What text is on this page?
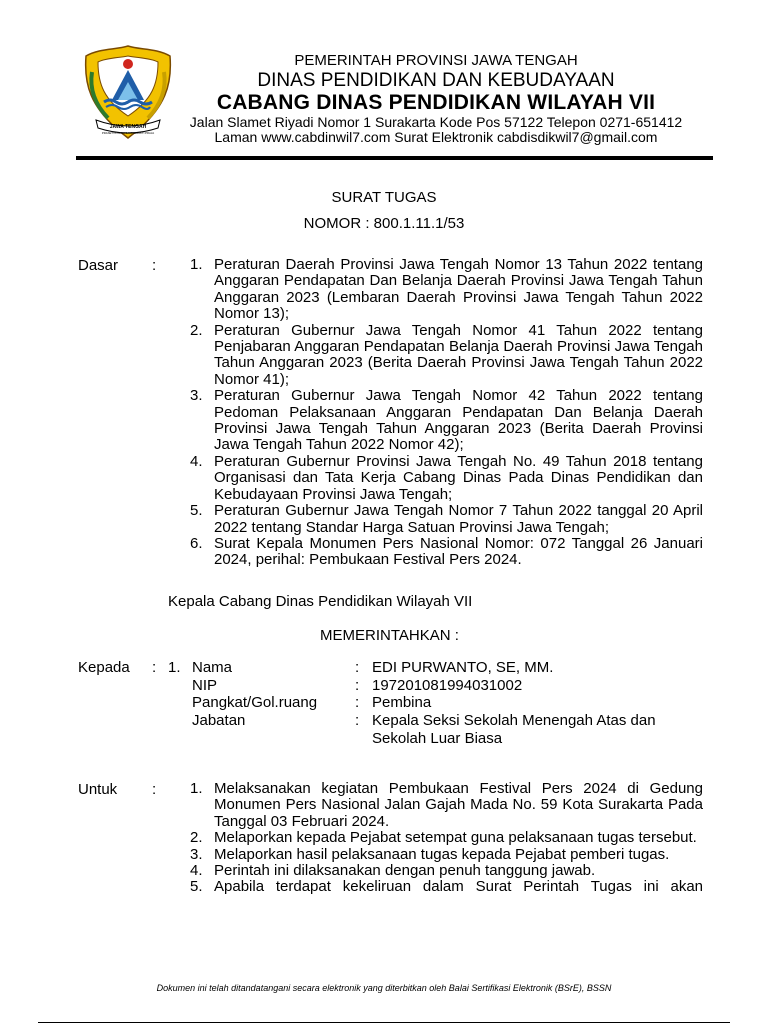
JAWA TENGAH
PRASETYA ULAH SAKTI BHAKTI PRAJA
PEMERINTAH PROVINSI JAWA TENGAH
DINAS PENDIDIKAN DAN KEBUDAYAAN
CABANG DINAS PENDIDIKAN WILAYAH VII
Jalan Slamet Riyadi Nomor 1 Surakarta Kode Pos 57122 Telepon 0271-651412
Laman www.cabdinwil7.com Surat Elektronik cabdisdikwil7@gmail.com
SURAT TUGAS
NOMOR : 800.1.11.1/53
Dasar : 1. Peraturan Daerah Provinsi Jawa Tengah Nomor 13 Tahun 2022 tentang Anggaran Pendapatan Dan Belanja Daerah Provinsi Jawa Tengah Tahun Anggaran 2023 (Lembaran Daerah Provinsi Jawa Tengah Tahun 2022 Nomor 13);
2. Peraturan Gubernur Jawa Tengah Nomor 41 Tahun 2022 tentang Penjabaran Anggaran Pendapatan Belanja Daerah Provinsi Jawa Tengah Tahun Anggaran 2023 (Berita Daerah Provinsi Jawa Tengah Tahun 2022 Nomor 41);
3. Peraturan Gubernur Jawa Tengah Nomor 42 Tahun 2022 tentang Pedoman Pelaksanaan Anggaran Pendapatan Dan Belanja Daerah Provinsi Jawa Tengah Tahun Anggaran 2023 (Berita Daerah Provinsi Jawa Tengah Tahun 2022 Nomor 42);
4. Peraturan Gubernur Provinsi Jawa Tengah No. 49 Tahun 2018 tentang Organisasi dan Tata Kerja Cabang Dinas Pada Dinas Pendidikan dan Kebudayaan Provinsi Jawa Tengah;
5. Peraturan Gubernur Jawa Tengah Nomor 7 Tahun 2022 tanggal 20 April 2022 tentang Standar Harga Satuan Provinsi Jawa Tengah;
6. Surat Kepala Monumen Pers Nasional Nomor: 072 Tanggal 26 Januari 2024, perihal: Pembukaan Festival Pers 2024.
Kepala Cabang Dinas Pendidikan Wilayah VII
MEMERINTAHKAN :
Kepada : 1. Nama	: EDI PURWANTO, SE, MM.
NIP	: 197201081994031002
Pangkat/Gol.ruang	: Pembina
Jabatan	: Kepala Seksi Sekolah Menengah Atas dan
Sekolah Luar Biasa
Untuk : 1. Melaksanakan kegiatan Pembukaan Festival Pers 2024 di Gedung Monumen Pers Nasional Jalan Gajah Mada No. 59 Kota Surakarta Pada Tanggal 03 Februari 2024.
2. Melaporkan kepada Pejabat setempat guna pelaksanaan tugas tersebut.
3. Melaporkan hasil pelaksanaan tugas kepada Pejabat pemberi tugas.
4. Perintah ini dilaksanakan dengan penuh tanggung jawab.
5. Apabila terdapat kekeliruan dalam Surat Perintah Tugas ini akan
Dokumen ini telah ditandatangani secara elektronik yang diterbitkan oleh Balai Sertifikasi Elektronik (BSrE), BSSN
